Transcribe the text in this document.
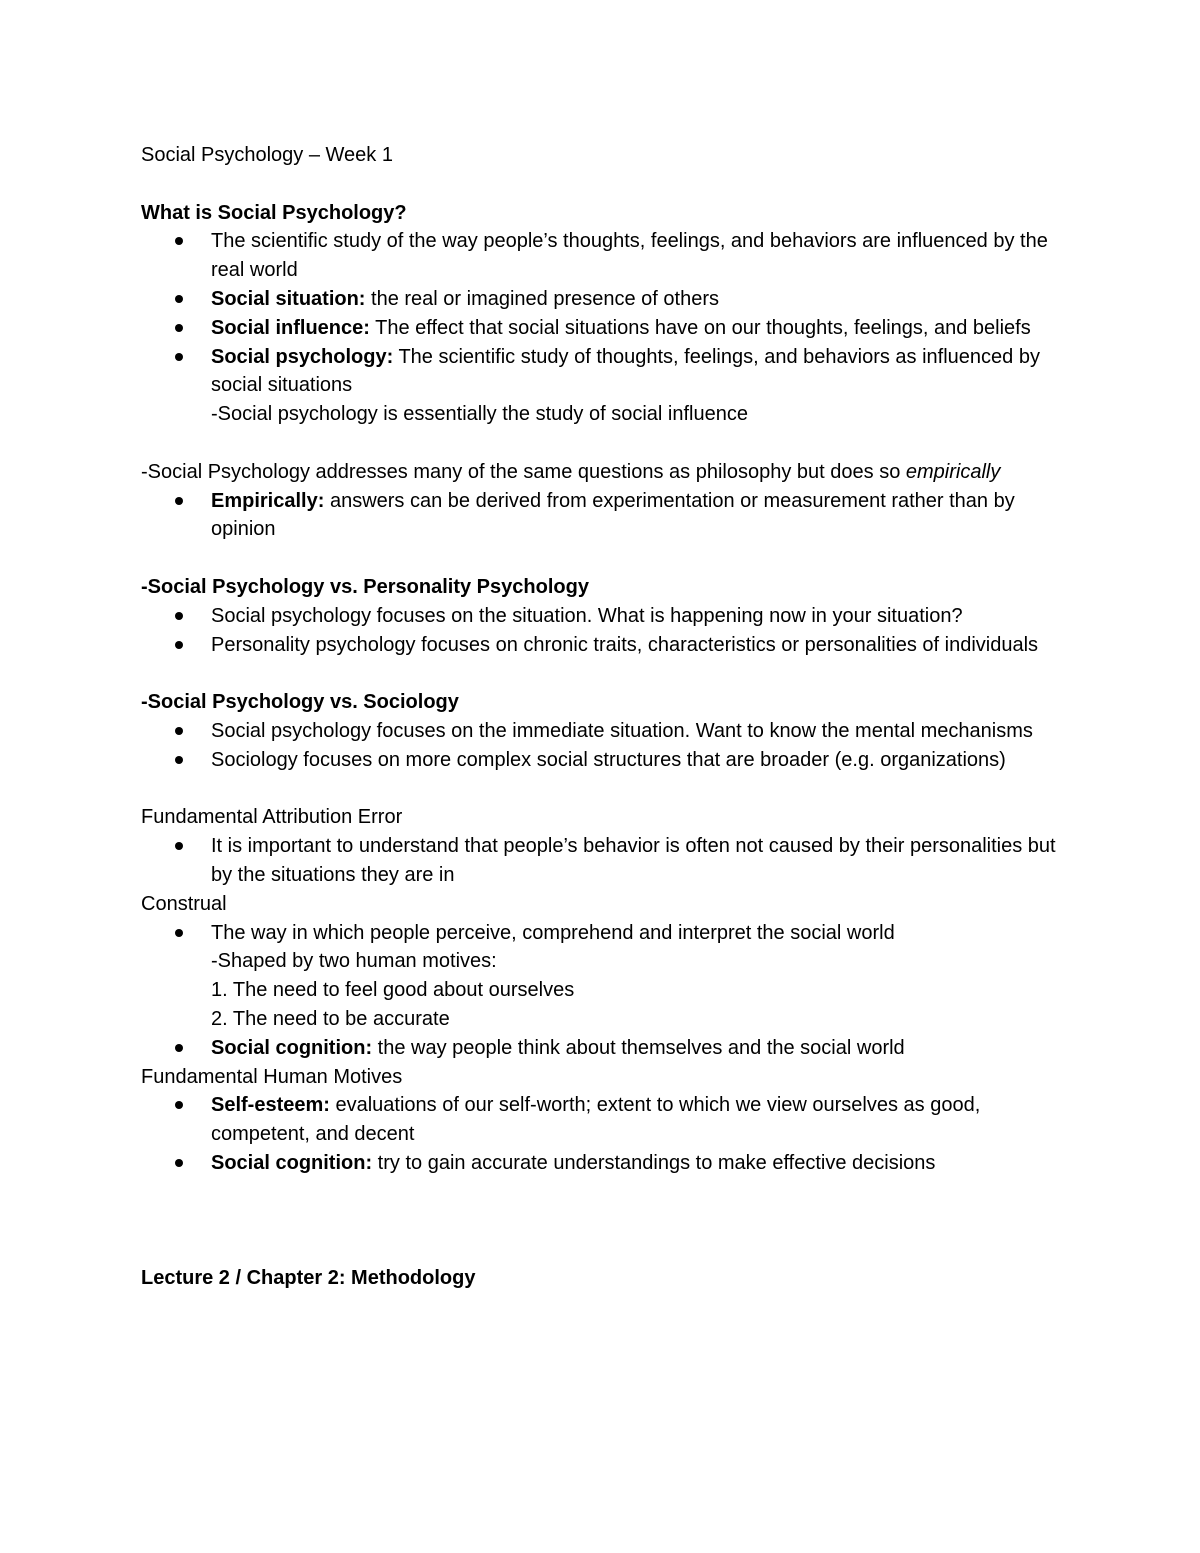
Social Psychology – Week 1

What is Social Psychology?

The scientific study of the way people’s thoughts, feelings, and behaviors are influenced by the real world
Social situation: the real or imagined presence of others
Social influence: The effect that social situations have on our thoughts, feelings, and beliefs
Social psychology: The scientific study of thoughts, feelings, and behaviors as influenced by social situations

-Social psychology is essentially the study of social influence

-Social Psychology addresses many of the same questions as philosophy but does so empirically

Empirically: answers can be derived from experimentation or measurement rather than by opinion

-Social Psychology vs. Personality Psychology

Social psychology focuses on the situation. What is happening now in your situation?
Personality psychology focuses on chronic traits, characteristics or personalities of individuals

-Social Psychology vs. Sociology

Social psychology focuses on the immediate situation. Want to know the mental mechanisms
Sociology focuses on more complex social structures that are broader (e.g. organizations)

Fundamental Attribution Error

It is important to understand that people’s behavior is often not caused by their personalities but by the situations they are in

Construal

The way in which people perceive, comprehend and interpret the social world
-Shaped by two human motives:
1. The need to feel good about ourselves
2. The need to be accurate
Social cognition: the way people think about themselves and the social world

Fundamental Human Motives

Self-esteem: evaluations of our self-worth; extent to which we view ourselves as good, competent, and decent
Social cognition: try to gain accurate understandings to make effective decisions

Lecture 2 / Chapter 2: Methodology
